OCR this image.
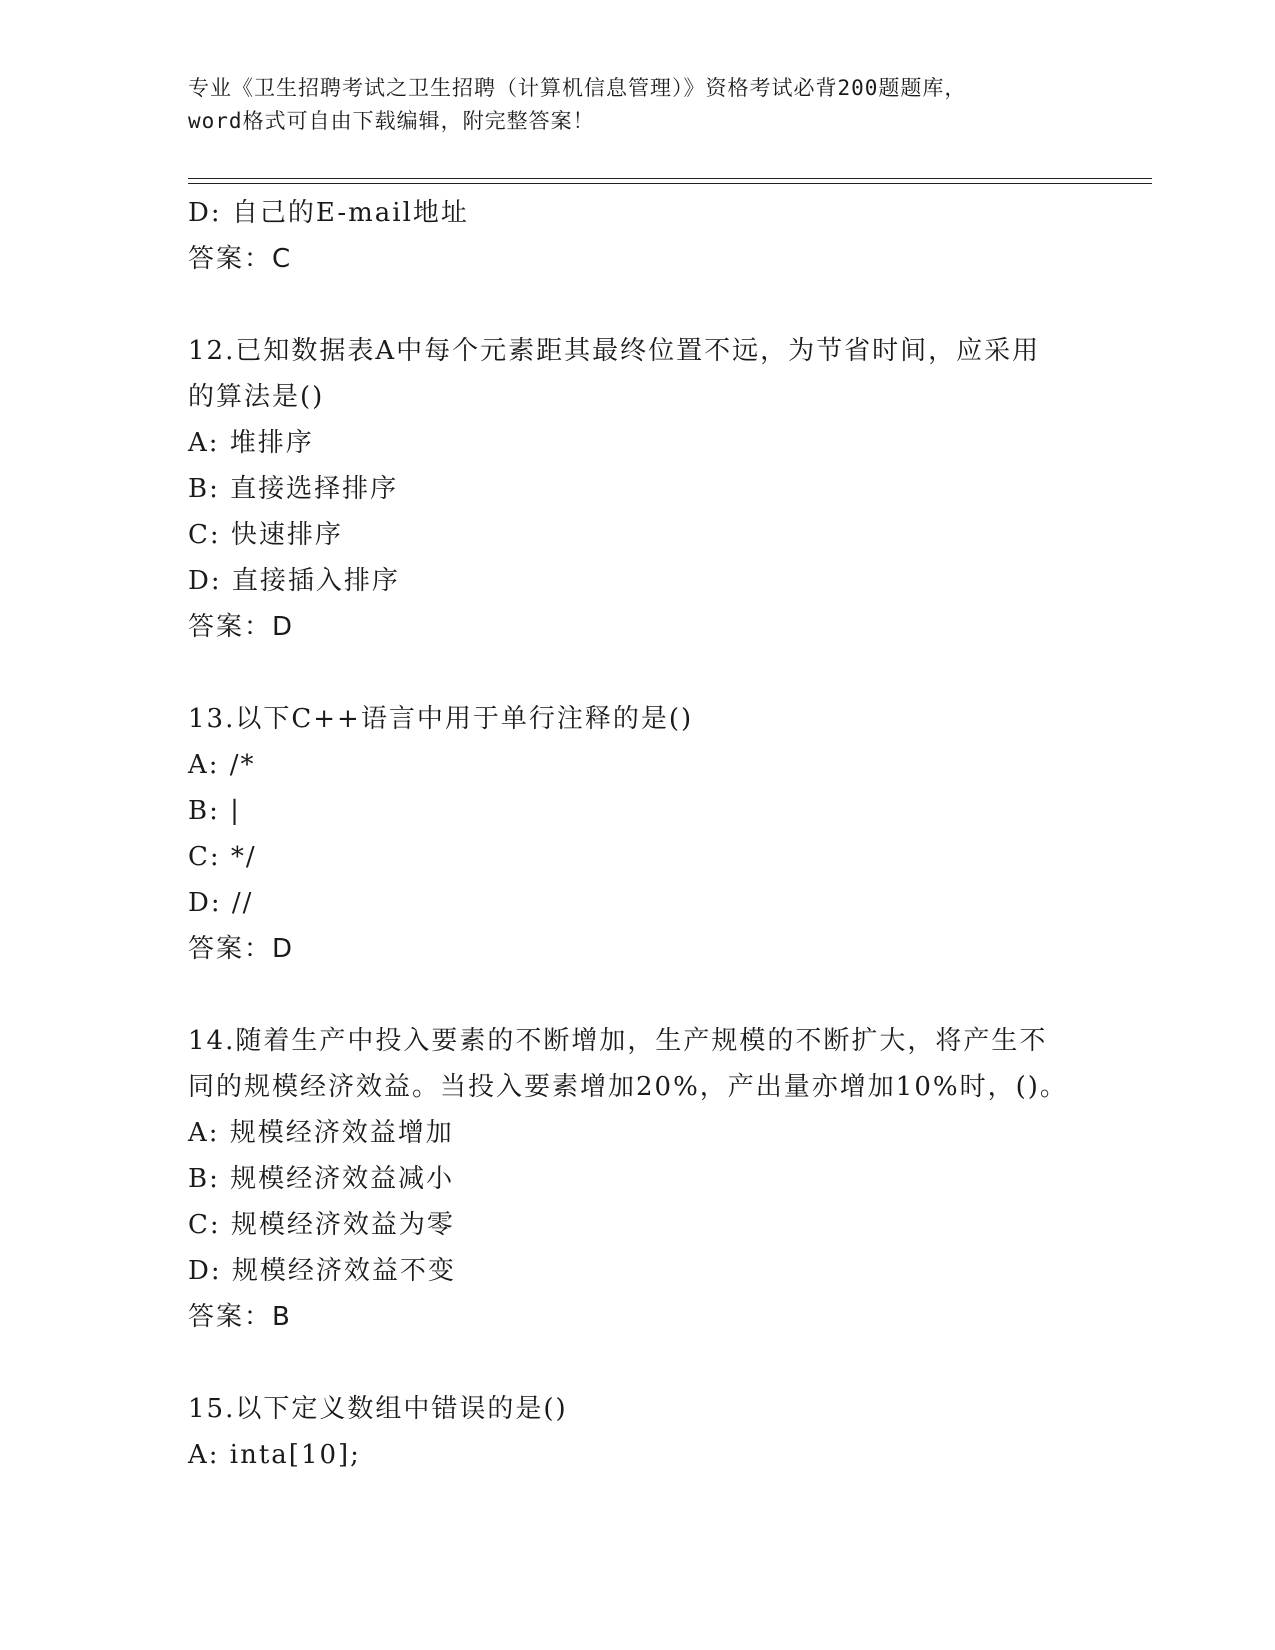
专业《卫生招聘考试之卫生招聘（计算机信息管理）》资格考试必背200题题库，
word格式可自由下载编辑，附完整答案！
D: 自己的E-mail地址
答案：C
12.已知数据表A中每个元素距其最终位置不远，为节省时间，应采用
的算法是()
A: 堆排序
B: 直接选择排序
C: 快速排序
D: 直接插入排序
答案：D
13.以下C++语言中用于单行注释的是()
A: /*
B: |
C: */
D: //
答案：D
14.随着生产中投入要素的不断增加，生产规模的不断扩大，将产生不
同的规模经济效益。当投入要素增加20%，产出量亦增加10%时，()。
A: 规模经济效益增加
B: 规模经济效益减小
C: 规模经济效益为零
D: 规模经济效益不变
答案：B
15.以下定义数组中错误的是()
A: inta[10];
